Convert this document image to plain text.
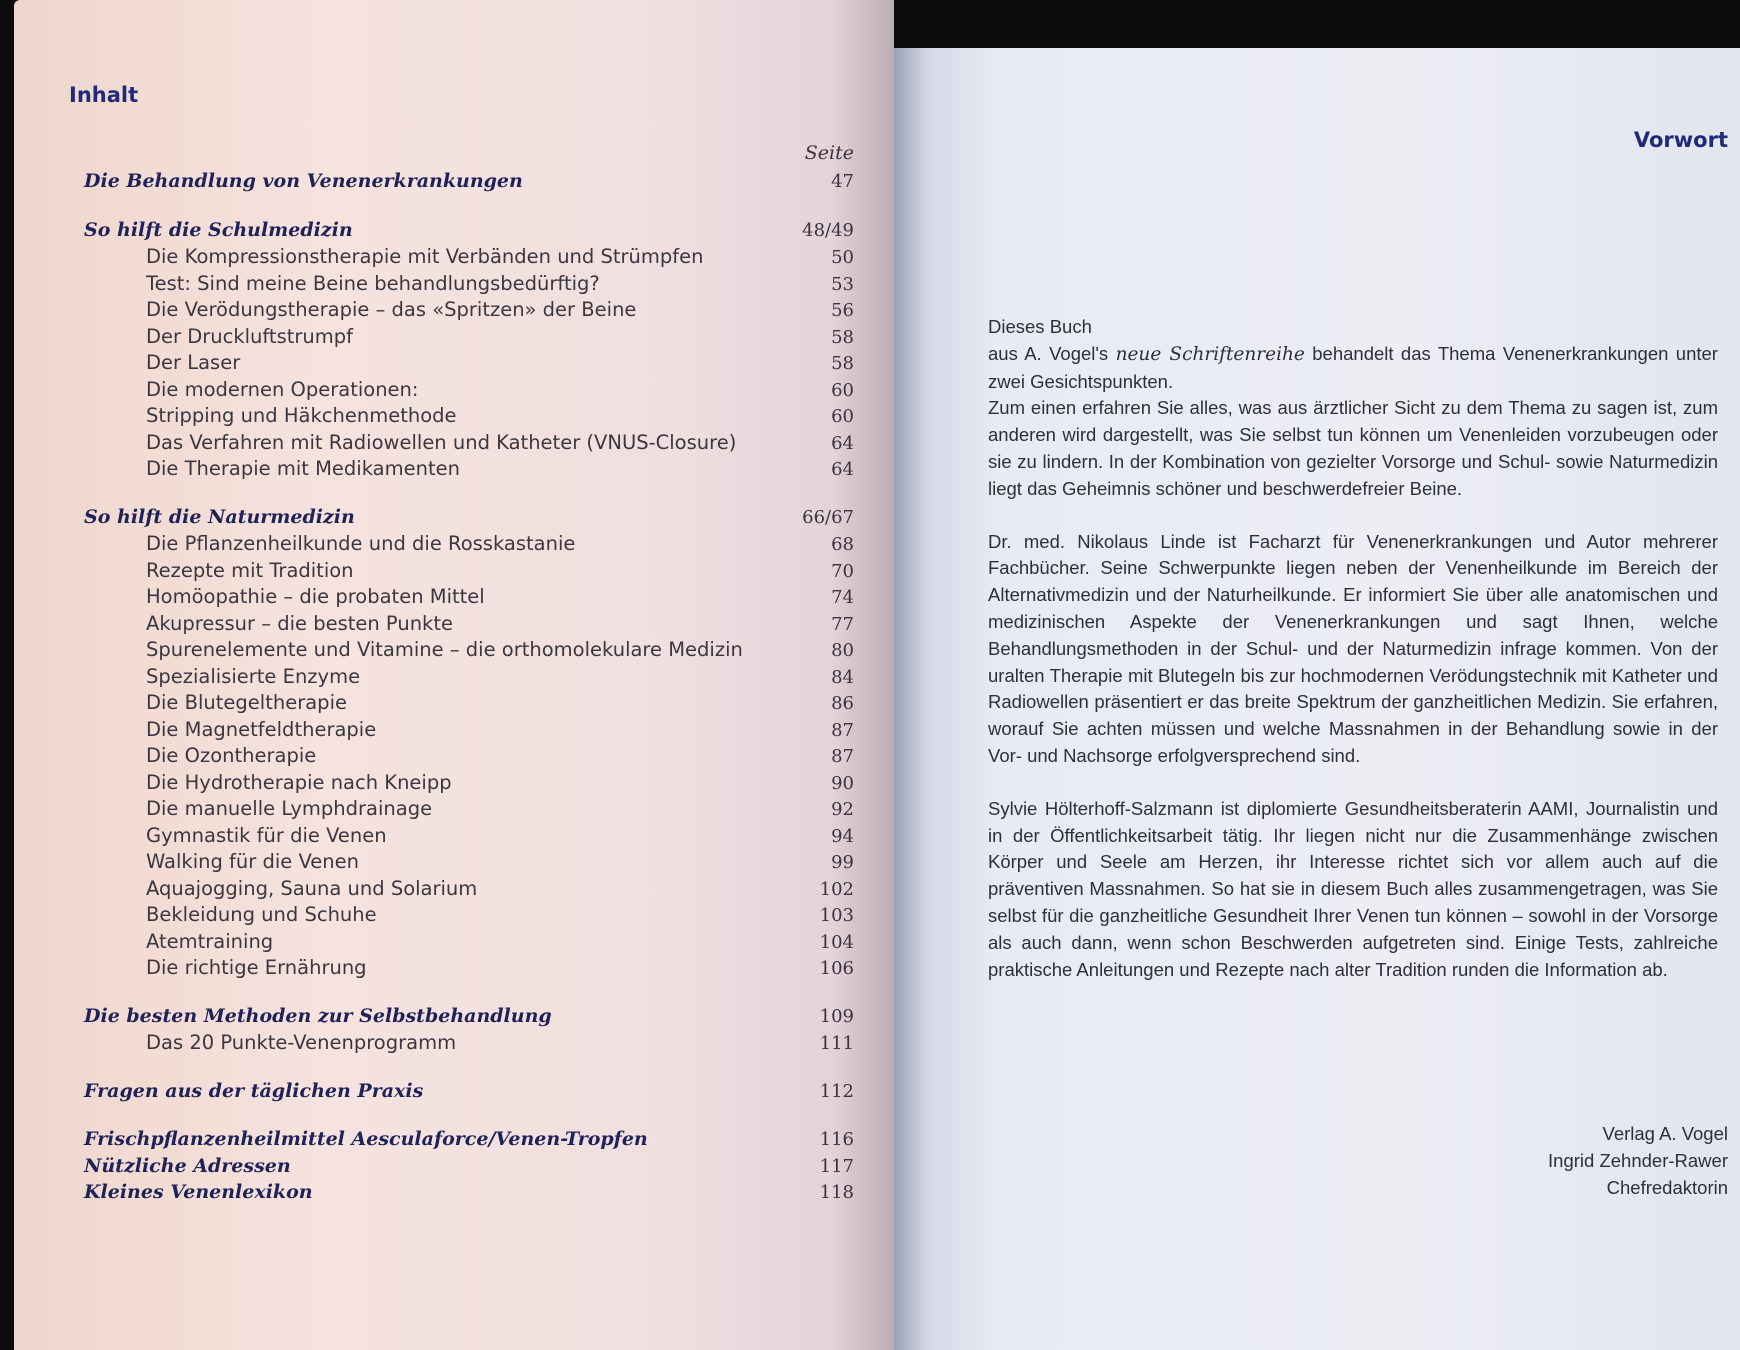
Inhalt
Seite
Die Behandlung von Venenerkrankungen	47
So hilft die Schulmedizin	48/49
Die Kompressionstherapie mit Verbänden und Strümpfen	50
Test: Sind meine Beine behandlungsbedürftig?	53
Die Verödungstherapie – das «Spritzen» der Beine	56
Der Druckluftstrumpf	58
Der Laser	58
Die modernen Operationen:	60
Stripping und Häkchenmethode	60
Das Verfahren mit Radiowellen und Katheter (VNUS-Closure)	64
Die Therapie mit Medikamenten	64
So hilft die Naturmedizin	66/67
Die Pflanzenheilkunde und die Rosskastanie	68
Rezepte mit Tradition	70
Homöopathie – die probaten Mittel	74
Akupressur – die besten Punkte	77
Spurenelemente und Vitamine – die orthomolekulare Medizin	80
Spezialisierte Enzyme	84
Die Blutegeltherapie	86
Die Magnetfeldtherapie	87
Die Ozontherapie	87
Die Hydrotherapie nach Kneipp	90
Die manuelle Lymphdrainage	92
Gymnastik für die Venen	94
Walking für die Venen	99
Aquajogging, Sauna und Solarium	102
Bekleidung und Schuhe	103
Atemtraining	104
Die richtige Ernährung	106
Die besten Methoden zur Selbstbehandlung	109
Das 20 Punkte-Venenprogramm	111
Fragen aus der täglichen Praxis	112
Frischpflanzenheilmittel Aesculaforce/Venen-Tropfen	116
Nützliche Adressen	117
Kleines Venenlexikon	118
Vorwort

Dieses Buch
aus A. Vogel's neue Schriftenreihe behandelt das Thema Venenerkrankungen unter zwei Gesichtspunkten.
Zum einen erfahren Sie alles, was aus ärztlicher Sicht zu dem Thema zu sagen ist, zum anderen wird dargestellt, was Sie selbst tun können um Venenleiden vorzubeugen oder sie zu lindern. In der Kombination von gezielter Vorsorge und Schul- sowie Naturmedizin liegt das Geheimnis schöner und beschwerdefreier Beine.

Dr. med. Nikolaus Linde ist Facharzt für Venenerkrankungen und Autor mehrerer Fachbücher. Seine Schwerpunkte liegen neben der Venenheilkunde im Bereich der Alternativmedizin und der Naturheilkunde. Er informiert Sie über alle anatomischen und medizinischen Aspekte der Venenerkrankungen und sagt Ihnen, welche Behandlungsmethoden in der Schul- und der Naturmedizin infrage kommen. Von der uralten Therapie mit Blutegeln bis zur hochmodernen Verödungstechnik mit Katheter und Radiowellen präsentiert er das breite Spektrum der ganzheitlichen Medizin. Sie erfahren, worauf Sie achten müssen und welche Massnahmen in der Behandlung sowie in der Vor- und Nachsorge erfolgversprechend sind.

Sylvie Hölterhoff-Salzmann ist diplomierte Gesundheitsberaterin AAMI, Journalistin und in der Öffentlichkeitsarbeit tätig. Ihr liegen nicht nur die Zusammenhänge zwischen Körper und Seele am Herzen, ihr Interesse richtet sich vor allem auch auf die präventiven Massnahmen. So hat sie in diesem Buch alles zusammengetragen, was Sie selbst für die ganzheitliche Gesundheit Ihrer Venen tun können – sowohl in der Vorsorge als auch dann, wenn schon Beschwerden aufgetreten sind. Einige Tests, zahlreiche praktische Anleitungen und Rezepte nach alter Tradition runden die Information ab.

Verlag A. Vogel
Ingrid Zehnder-Rawer
Chefredaktorin
